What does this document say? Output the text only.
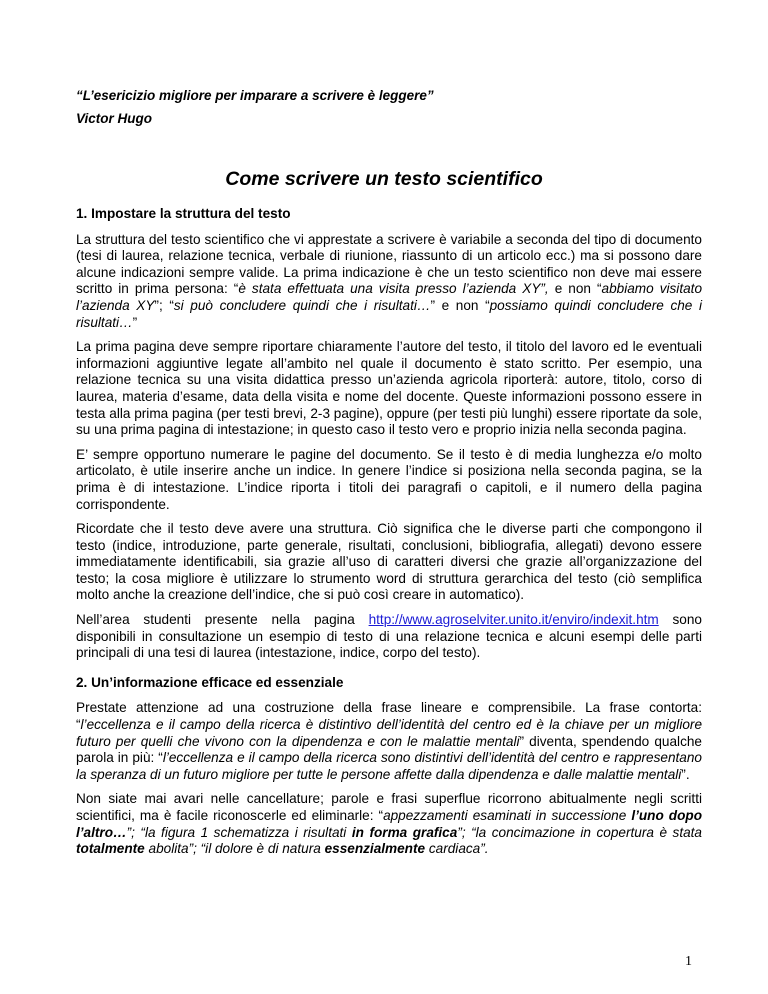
“L’esericizio migliore per imparare a scrivere è leggere”
Victor Hugo
Come scrivere un testo scientifico
1. Impostare la struttura del testo

La struttura del testo scientifico che vi apprestate a scrivere è variabile a seconda del tipo di documento (tesi di laurea, relazione tecnica, verbale di riunione, riassunto di un articolo ecc.) ma si possono dare alcune indicazioni sempre valide. La prima indicazione è che un testo scientifico non deve mai essere scritto in prima persona: “è stata effettuata una visita presso l’azienda XY”, e non “abbiamo visitato l’azienda XY”; “si può concludere quindi che i risultati…” e non “possiamo quindi concludere che i risultati…”

La prima pagina deve sempre riportare chiaramente l’autore del testo, il titolo del lavoro ed le eventuali informazioni aggiuntive legate all’ambito nel quale il documento è stato scritto. Per esempio, una relazione tecnica su una visita didattica presso un’azienda agricola riporterà: autore, titolo, corso di laurea, materia d’esame, data della visita e nome del docente. Queste informazioni possono essere in testa alla prima pagina (per testi brevi, 2-3 pagine), oppure (per testi più lunghi) essere riportate da sole, su una prima pagina di intestazione; in questo caso il testo vero e proprio inizia nella seconda pagina.

E’ sempre opportuno numerare le pagine del documento. Se il testo è di media lunghezza e/o molto articolato, è utile inserire anche un indice. In genere l’indice si posiziona nella seconda pagina, se la prima è di intestazione. L’indice riporta i titoli dei paragrafi o capitoli, e il numero della pagina corrispondente.

Ricordate che il testo deve avere una struttura. Ciò significa che le diverse parti che compongono il testo (indice, introduzione, parte generale, risultati, conclusioni, bibliografia, allegati) devono essere immediatamente identificabili, sia grazie all’uso di caratteri diversi che grazie all’organizzazione del testo; la cosa migliore è utilizzare lo strumento word di struttura gerarchica del testo (ciò semplifica molto anche la creazione dell’indice, che si può così creare in automatico).

Nell’area studenti presente nella pagina http://www.agroselviter.unito.it/enviro/indexit.htm sono disponibili in consultazione un esempio di testo di una relazione tecnica e alcuni esempi delle parti principali di una tesi di laurea (intestazione, indice, corpo del testo).

2. Un’informazione efficace ed essenziale

Prestate attenzione ad una costruzione della frase lineare e comprensibile. La frase contorta: “l’eccellenza e il campo della ricerca è distintivo dell’identità del centro ed è la chiave per un migliore futuro per quelli che vivono con la dipendenza e con le malattie mentali” diventa, spendendo qualche parola in più: “l’eccellenza e il campo della ricerca sono distintivi dell’identità del centro e rappresentano la speranza di un futuro migliore per tutte le persone affette dalla dipendenza e dalle malattie mentali”.

Non siate mai avari nelle cancellature; parole e frasi superflue ricorrono abitualmente negli scritti scientifici, ma è facile riconoscerle ed eliminarle: “appezzamenti esaminati in successione l’uno dopo l’altro…”; “la figura 1 schematizza i risultati in forma grafica”; “la concimazione in copertura è stata totalmente abolita”; “il dolore è di natura essenzialmente cardiaca”.

1
